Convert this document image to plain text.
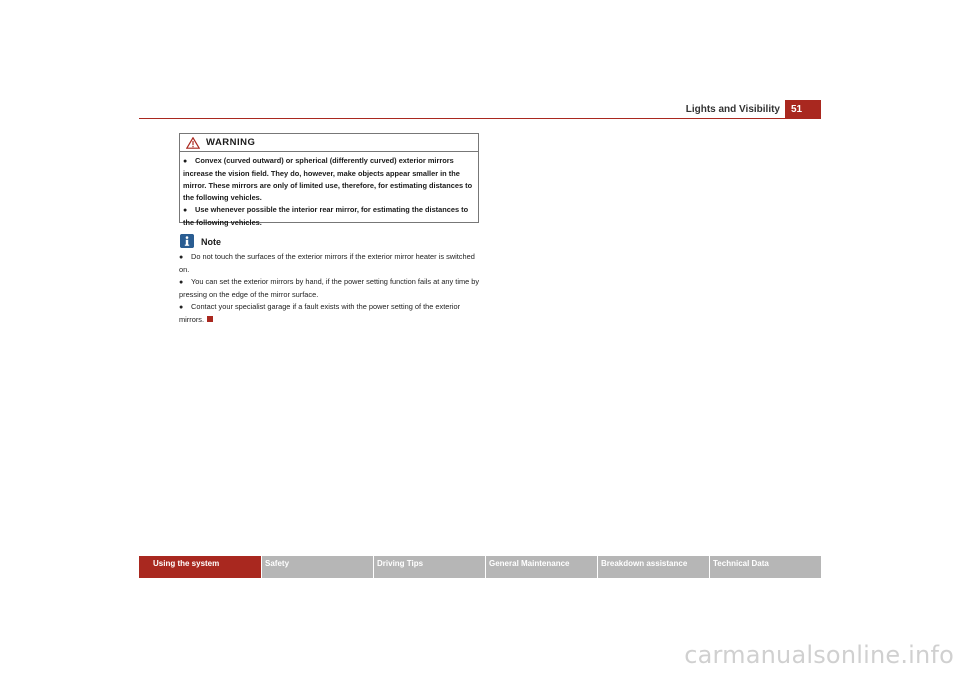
Lights and Visibility	51
WARNING

● Convex (curved outward) or spherical (differently curved) exterior mirrors increase the vision field. They do, however, make objects appear smaller in the mirror. These mirrors are only of limited use, therefore, for estimating distances to the following vehicles.

● Use whenever possible the interior rear mirror, for estimating the distances to the following vehicles.

Note

● Do not touch the surfaces of the exterior mirrors if the exterior mirror heater is switched on.

● You can set the exterior mirrors by hand, if the power setting function fails at any time by pressing on the edge of the mirror surface.

● Contact your specialist garage if a fault exists with the power setting of the exterior mirrors.

Using the system	Safety	Driving Tips	General Maintenance	Breakdown assistance	Technical Data
carmanualsonline.info
